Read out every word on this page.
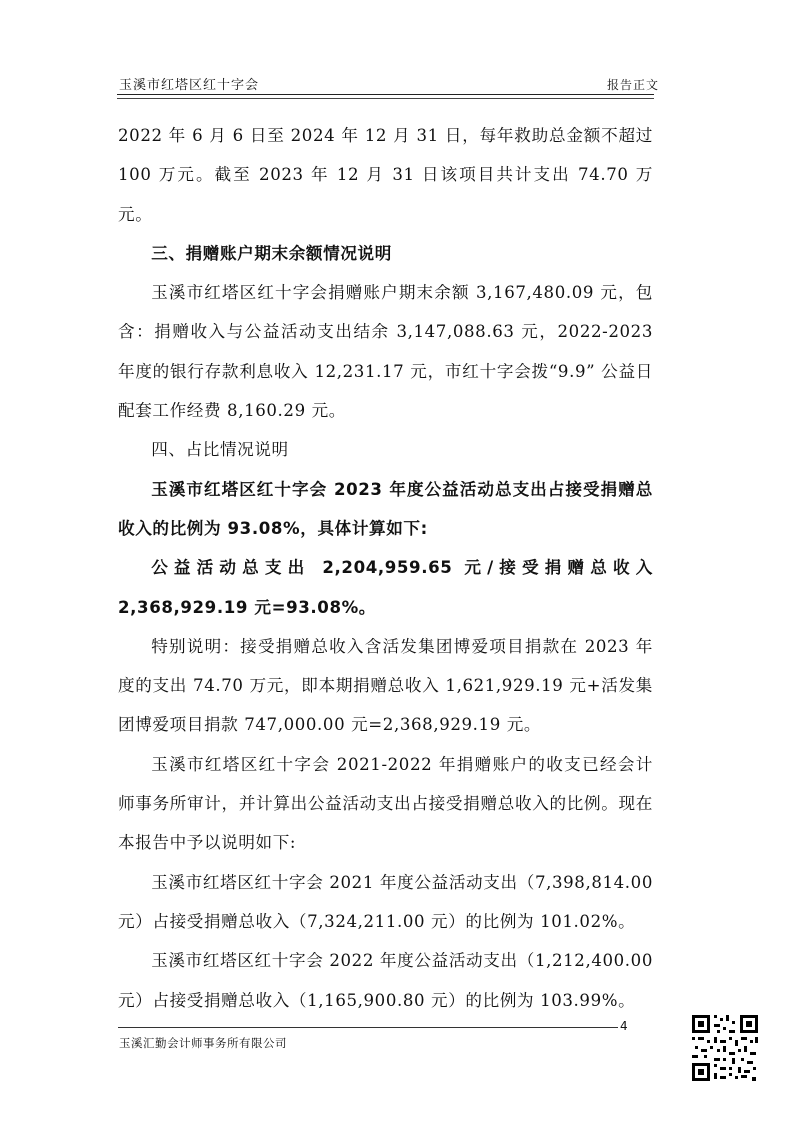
玉溪市红塔区红十字会	报告正文

2022 年 6 月 6 日至 2024 年 12 月 31 日，每年救助总金额不超过 100 万元。截至 2023 年 12 月 31 日该项目共计支出 74.70 万元。

三、捐赠账户期末余额情况说明

玉溪市红塔区红十字会捐赠账户期末余额 3,167,480.09 元，包含：捐赠收入与公益活动支出结余 3,147,088.63 元，2022-2023 年度的银行存款利息收入 12,231.17 元，市红十字会拨“9.9” 公益日配套工作经费 8,160.29 元。

四、占比情况说明

玉溪市红塔区红十字会 2023 年度公益活动总支出占接受捐赠总收入的比例为 93.08%，具体计算如下:

公益活动总支出 2,204,959.65 元/接受捐赠总收入 2,368,929.19 元=93.08%。

特别说明：接受捐赠总收入含活发集团博爱项目捐款在 2023 年度的支出 74.70 万元，即本期捐赠总收入 1,621,929.19 元+活发集团博爱项目捐款 747,000.00 元=2,368,929.19 元。

玉溪市红塔区红十字会 2021-2022 年捐赠账户的收支已经会计师事务所审计，并计算出公益活动支出占接受捐赠总收入的比例。现在本报告中予以说明如下:

玉溪市红塔区红十字会 2021 年度公益活动支出（7,398,814.00 元）占接受捐赠总收入（7,324,211.00 元）的比例为 101.02%。

玉溪市红塔区红十字会 2022 年度公益活动支出（1,212,400.00 元）占接受捐赠总收入（1,165,900.80 元）的比例为 103.99%。

4
玉溪汇勤会计师事务所有限公司
